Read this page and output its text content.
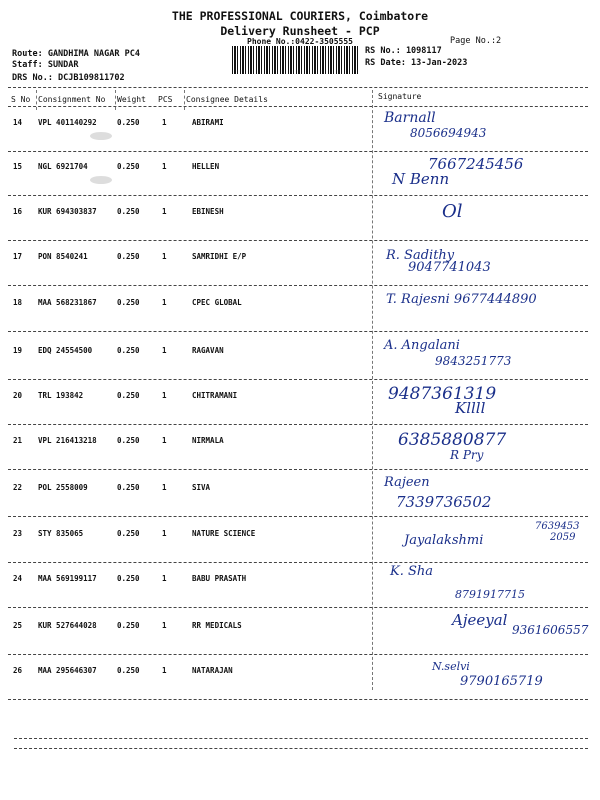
THE PROFESSIONAL COURIERS, Coimbatore
Delivery Runsheet - PCP
Phone No.:0422-3505555	Page No.:2
Route: GANDHIMA NAGAR PC4
Staff: SUNDAR
DRS No.: DCJB109811702
RS No.: 1098117
RS Date: 13-Jan-2023
S No Consignment No Weight PCS Consignee Details	Signature
14 VPL 401140292	0.250	1	ABIRAMI	Barnall
8056694943
15 NGL 6921704	0.250	1	HELLEN	7667245456
N Benn
16 KUR 694303837	0.250	1	EBINESH	Ol
17 PON 8540241	0.250	1	SAMRIDHI E/P	R. Sadithy
9047741043
18 MAA 568231867	0.250	1	CPEC GLOBAL	T. Rajesni 9677444890
19 EDQ 24554500	0.250	1	RAGAVAN	A. Angalani
9843251773
20 TRL 193842	0.250	1	CHITRAMANI	9487361319
Kllll
21 VPL 216413218	0.250	1	NIRMALA	6385880877
R Pry
22 POL 2558009	0.250	1	SIVA	Rajeen
7339736502
23 STY 835065	0.250	1	NATURE SCIENCE	Jayalakshmi
7639453
2059
24 MAA 569199117	0.250	1	BABU PRASATH	K. Sha
8791917715
25 KUR 527644028	0.250	1	RR MEDICALS	Ajeeyal
9361606557
26 MAA 295646307	0.250	1	NATARAJAN	N.selvi
9790165719
